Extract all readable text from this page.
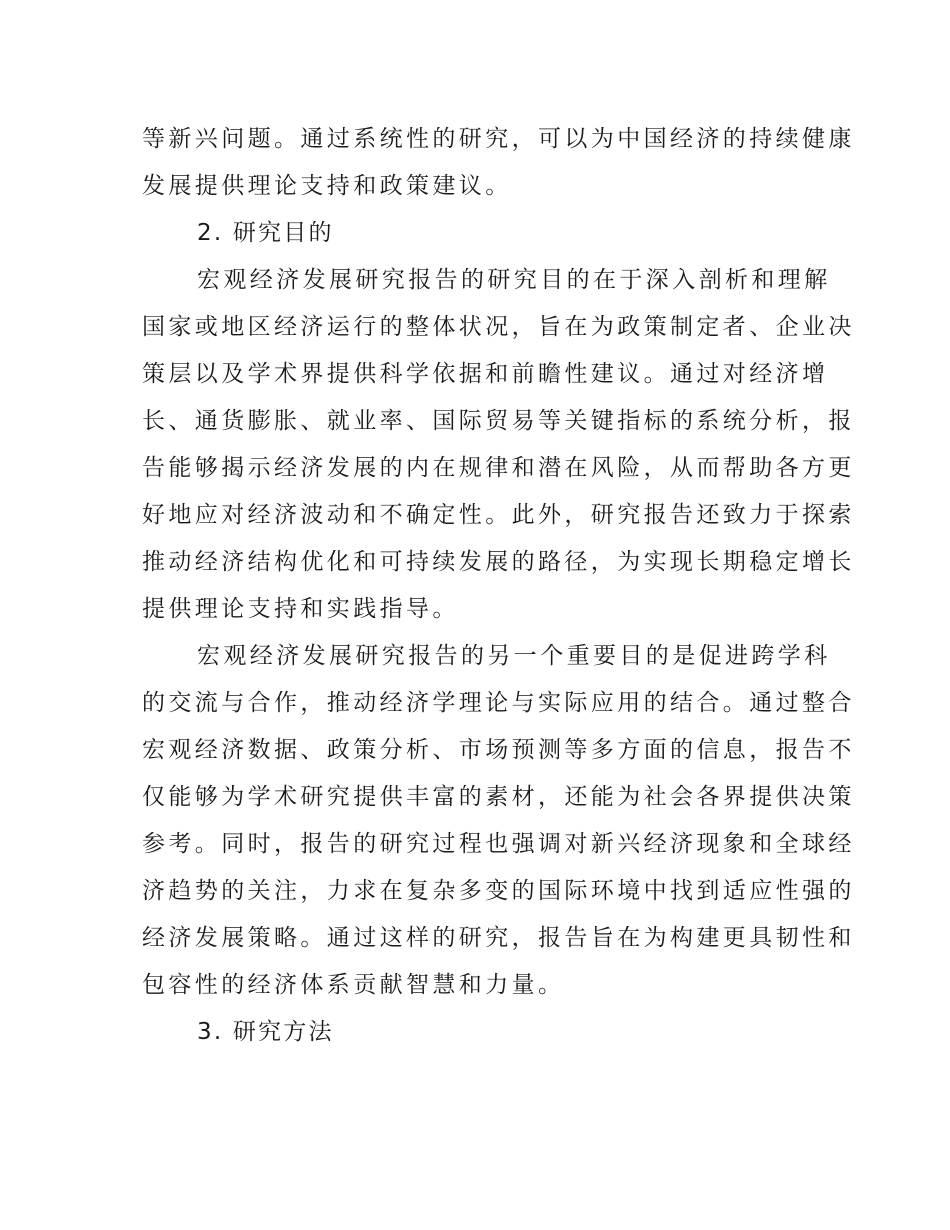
等新兴问题。通过系统性的研究，可以为中国经济的持续健康
发展提供理论支持和政策建议。
2. 研究目的
宏观经济发展研究报告的研究目的在于深入剖析和理解
国家或地区经济运行的整体状况，旨在为政策制定者、企业决
策层以及学术界提供科学依据和前瞻性建议。通过对经济增
长、通货膨胀、就业率、国际贸易等关键指标的系统分析，报
告能够揭示经济发展的内在规律和潜在风险，从而帮助各方更
好地应对经济波动和不确定性。此外，研究报告还致力于探索
推动经济结构优化和可持续发展的路径，为实现长期稳定增长
提供理论支持和实践指导。
宏观经济发展研究报告的另一个重要目的是促进跨学科
的交流与合作，推动经济学理论与实际应用的结合。通过整合
宏观经济数据、政策分析、市场预测等多方面的信息，报告不
仅能够为学术研究提供丰富的素材，还能为社会各界提供决策
参考。同时，报告的研究过程也强调对新兴经济现象和全球经
济趋势的关注，力求在复杂多变的国际环境中找到适应性强的
经济发展策略。通过这样的研究，报告旨在为构建更具韧性和
包容性的经济体系贡献智慧和力量。
3. 研究方法
